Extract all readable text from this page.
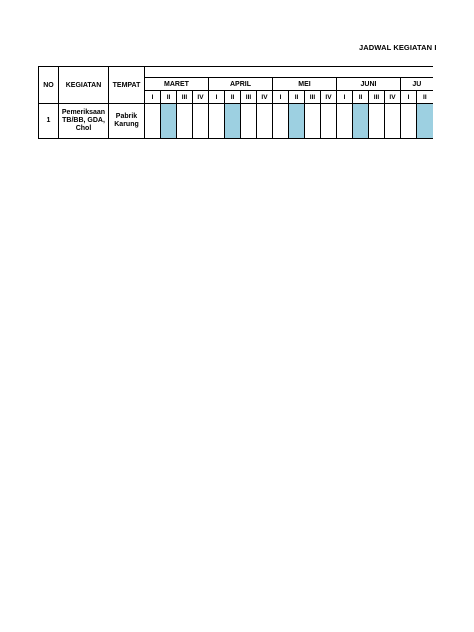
JADWAL KEGIATAN I
NO	KEGIATAN	TEMPAT																		
			MARET				APRIL				MEI				JUNI				JU	
			I	II	III	IV	I	II	III	IV	I	II	III	IV	I	II	III	IV	I	II
1	Pemeriksaan TB/BB, GDA, Chol	Pabrik Karung																		
